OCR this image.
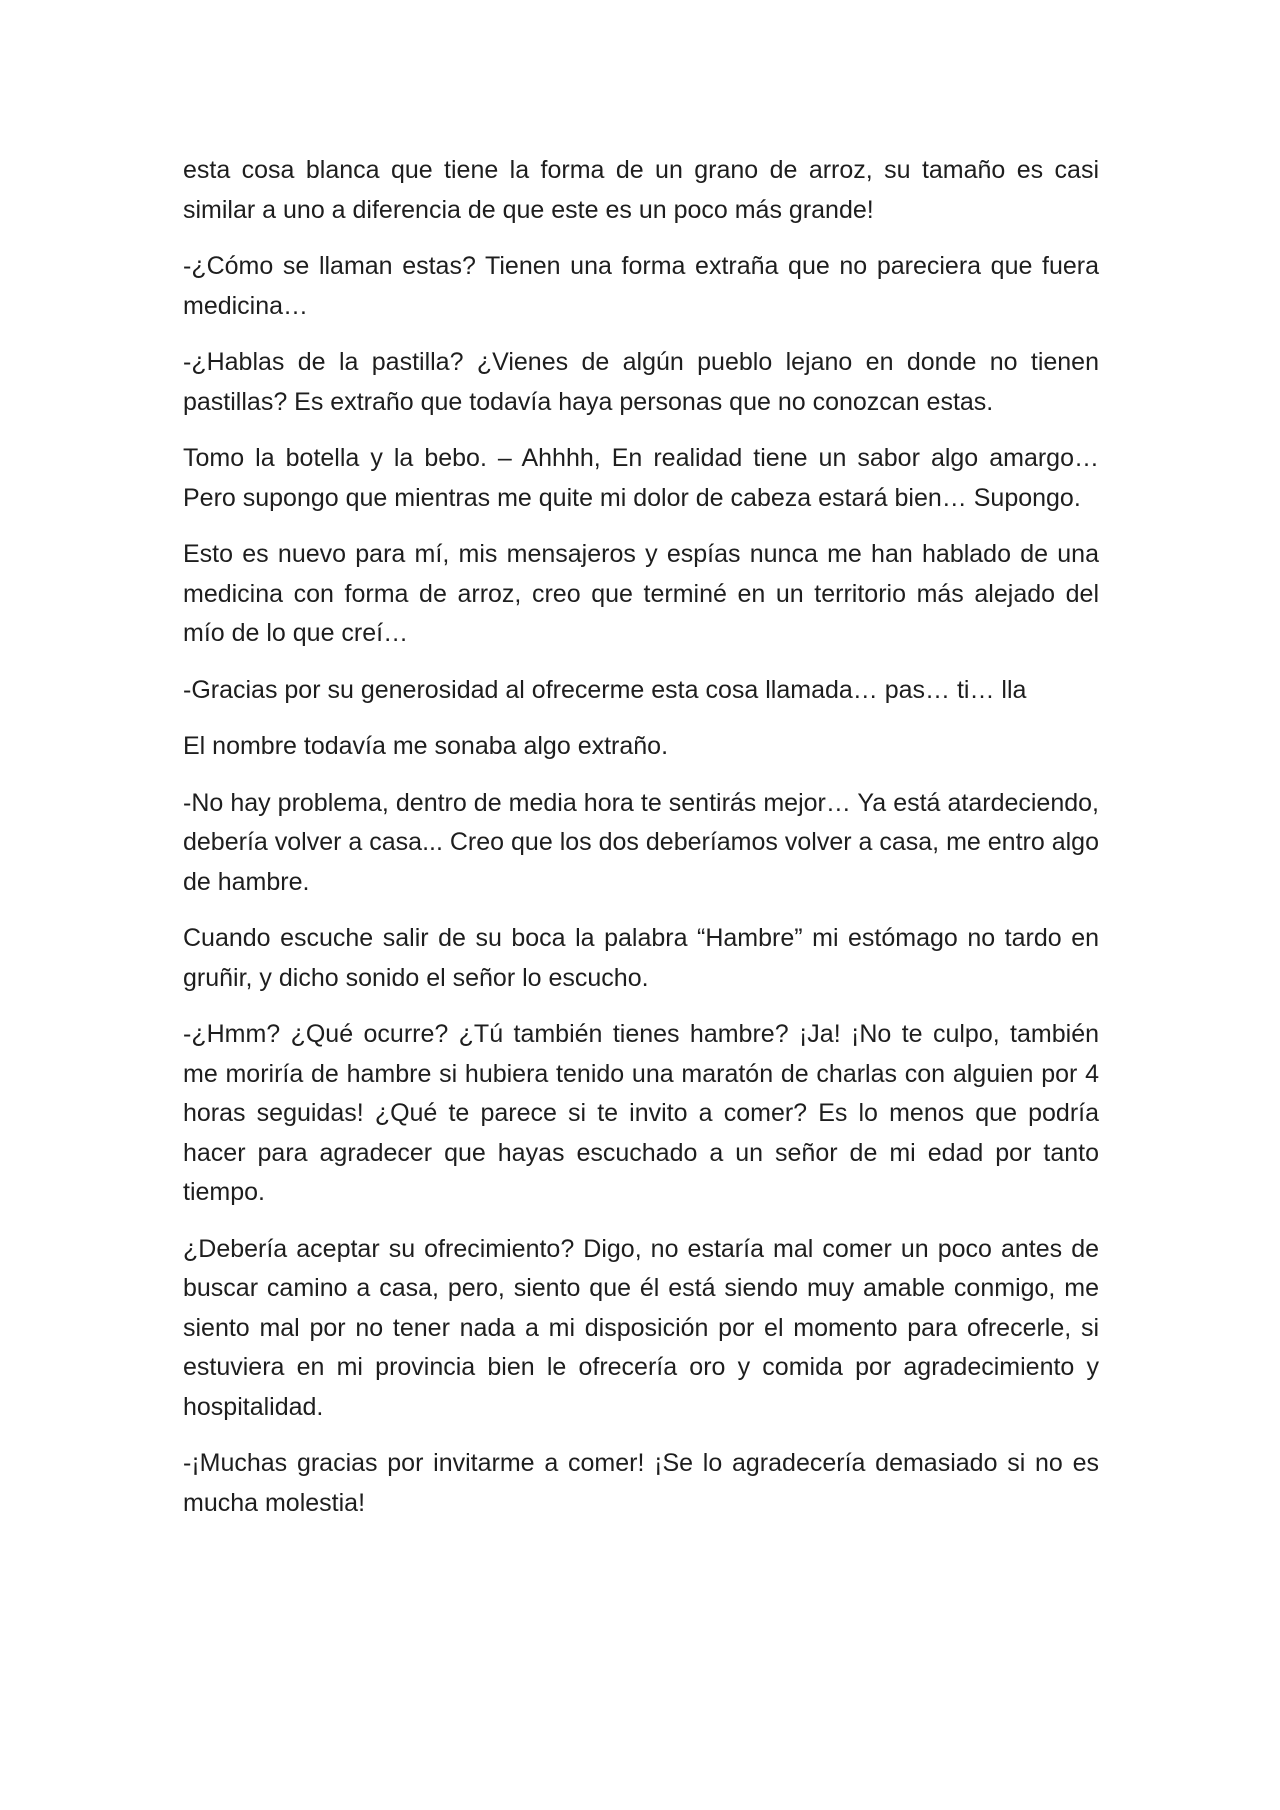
esta cosa blanca que tiene la forma de un grano de arroz, su tamaño es casi similar a uno a diferencia de que este es un poco más grande!

-¿Cómo se llaman estas? Tienen una forma extraña que no pareciera que fuera medicina…

-¿Hablas de la pastilla? ¿Vienes de algún pueblo lejano en donde no tienen pastillas? Es extraño que todavía haya personas que no conozcan estas.

Tomo la botella y la bebo. – Ahhhh, En realidad tiene un sabor algo amargo… Pero supongo que mientras me quite mi dolor de cabeza estará bien… Supongo.

Esto es nuevo para mí, mis mensajeros y espías nunca me han hablado de una medicina con forma de arroz, creo que terminé en un territorio más alejado del mío de lo que creí…

-Gracias por su generosidad al ofrecerme esta cosa llamada… pas… ti… lla

El nombre todavía me sonaba algo extraño.

-No hay problema, dentro de media hora te sentirás mejor… Ya está atardeciendo, debería volver a casa... Creo que los dos deberíamos volver a casa, me entro algo de hambre.

Cuando escuche salir de su boca la palabra “Hambre” mi estómago no tardo en gruñir, y dicho sonido el señor lo escucho.

-¿Hmm? ¿Qué ocurre? ¿Tú también tienes hambre? ¡Ja! ¡No te culpo, también me moriría de hambre si hubiera tenido una maratón de charlas con alguien por 4 horas seguidas! ¿Qué te parece si te invito a comer? Es lo menos que podría hacer para agradecer que hayas escuchado a un señor de mi edad por tanto tiempo.

¿Debería aceptar su ofrecimiento? Digo, no estaría mal comer un poco antes de buscar camino a casa, pero, siento que él está siendo muy amable conmigo, me siento mal por no tener nada a mi disposición por el momento para ofrecerle, si estuviera en mi provincia bien le ofrecería oro y comida por agradecimiento y hospitalidad.

-¡Muchas gracias por invitarme a comer! ¡Se lo agradecería demasiado si no es mucha molestia!
